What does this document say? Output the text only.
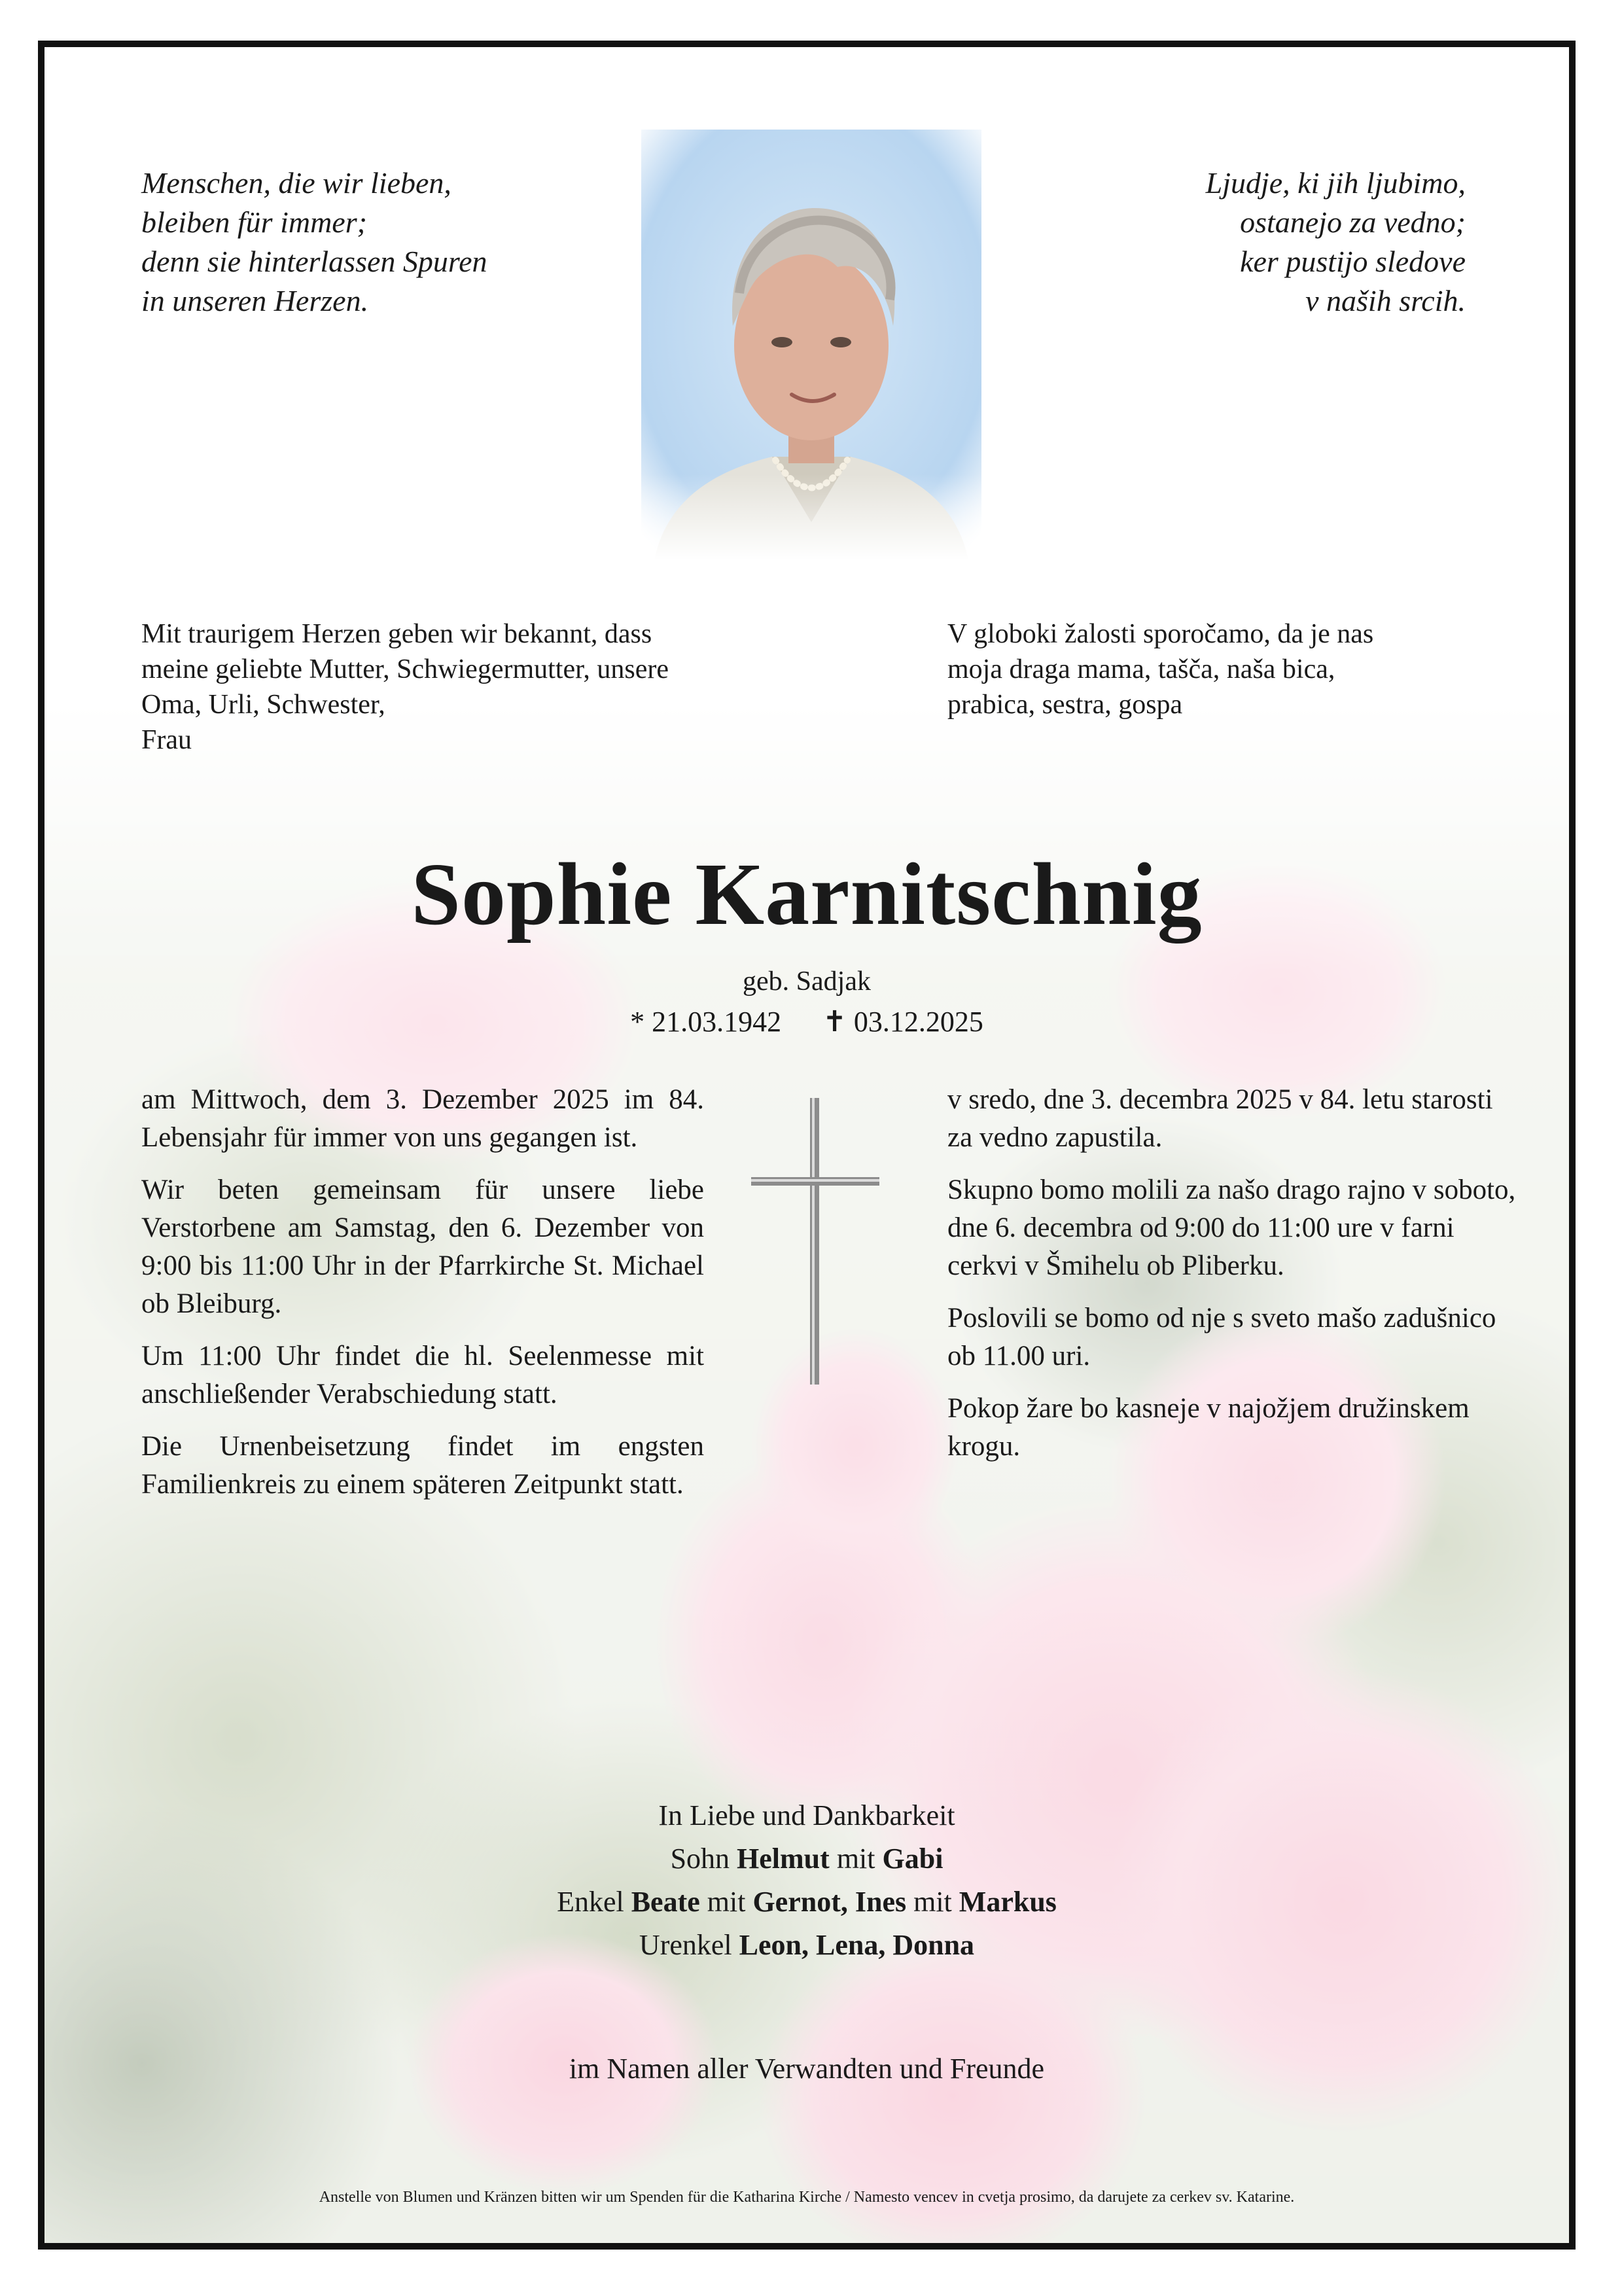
Menschen, die wir lieben,
bleiben für immer;
denn sie hinterlassen Spuren
in unseren Herzen.
Ljudje, ki jih ljubimo,
ostanejo za vedno;
ker pustijo sledove
v naših srcih.
Mit traurigem Herzen geben wir bekannt, dass
meine geliebte Mutter, Schwiegermutter, unsere
Oma, Urli, Schwester,
Frau
V globoki žalosti sporočamo, da je nas
moja draga mama, tašča, naša bica,
prabica, sestra, gospa
Sophie Karnitschnig
geb. Sadjak
* 21.03.1942 ✝ 03.12.2025

am Mittwoch, dem 3. Dezember 2025 im 84. Lebensjahr für immer von uns gegangen ist.

Wir beten gemeinsam für unsere liebe Verstorbene am Samstag, den 6. Dezember von 9:00 bis 11:00 Uhr in der Pfarrkirche St. Michael ob Bleiburg.

Um 11:00 Uhr findet die hl. Seelenmesse mit anschließender Verabschiedung statt.

Die Urnenbeisetzung findet im engsten Familienkreis zu einem späteren Zeitpunkt statt.

v sredo, dne 3. decembra 2025 v 84. letu starosti za vedno zapustila.

Skupno bomo molili za našo drago rajno v soboto, dne 6. decembra od 9:00 do 11:00 ure v farni cerkvi v Šmihelu ob Pliberku.

Poslovili se bomo od nje s sveto mašo zadušnico ob 11.00 uri.

Pokop žare bo kasneje v najožjem družinskem krogu.

In Liebe und Dankbarkeit
Sohn Helmut mit Gabi
Enkel Beate mit Gernot, Ines mit Markus
Urenkel Leon, Lena, Donna
im Namen aller Verwandten und Freunde
Anstelle von Blumen und Kränzen bitten wir um Spenden für die Katharina Kirche / Namesto vencev in cvetja prosimo, da darujete za cerkev sv. Katarine.
